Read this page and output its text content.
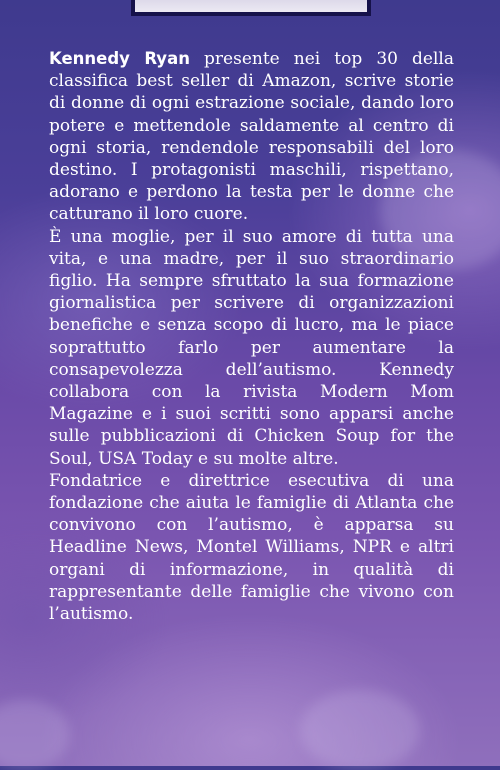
Kennedy Ryan presente nei top 30 della classifica best seller di Amazon, scrive storie di donne di ogni estrazione sociale, dando loro potere e mettendole saldamente al centro di ogni storia, rendendole responsabili del loro destino. I protagonisti maschili, rispettano, adorano e perdono la testa per le donne che catturano il loro cuore.

È una moglie, per il suo amore di tutta una vita, e una madre, per il suo straordinario figlio. Ha sempre sfruttato la sua formazione giornalistica per scrivere di organizzazioni benefiche e senza scopo di lucro, ma le piace soprattutto farlo per aumentare la consapevolezza dell’autismo. Kennedy collabora con la rivista Modern Mom Magazine e i suoi scritti sono apparsi anche sulle pubblicazioni di Chicken Soup for the Soul, USA Today e su molte altre.

Fondatrice e direttrice esecutiva di una fondazione che aiuta le famiglie di Atlanta che convivono con l’autismo, è apparsa su Headline News, Montel Williams, NPR e altri organi di informazione, in qualità di rappresentante delle famiglie che vivono con l’autismo.
